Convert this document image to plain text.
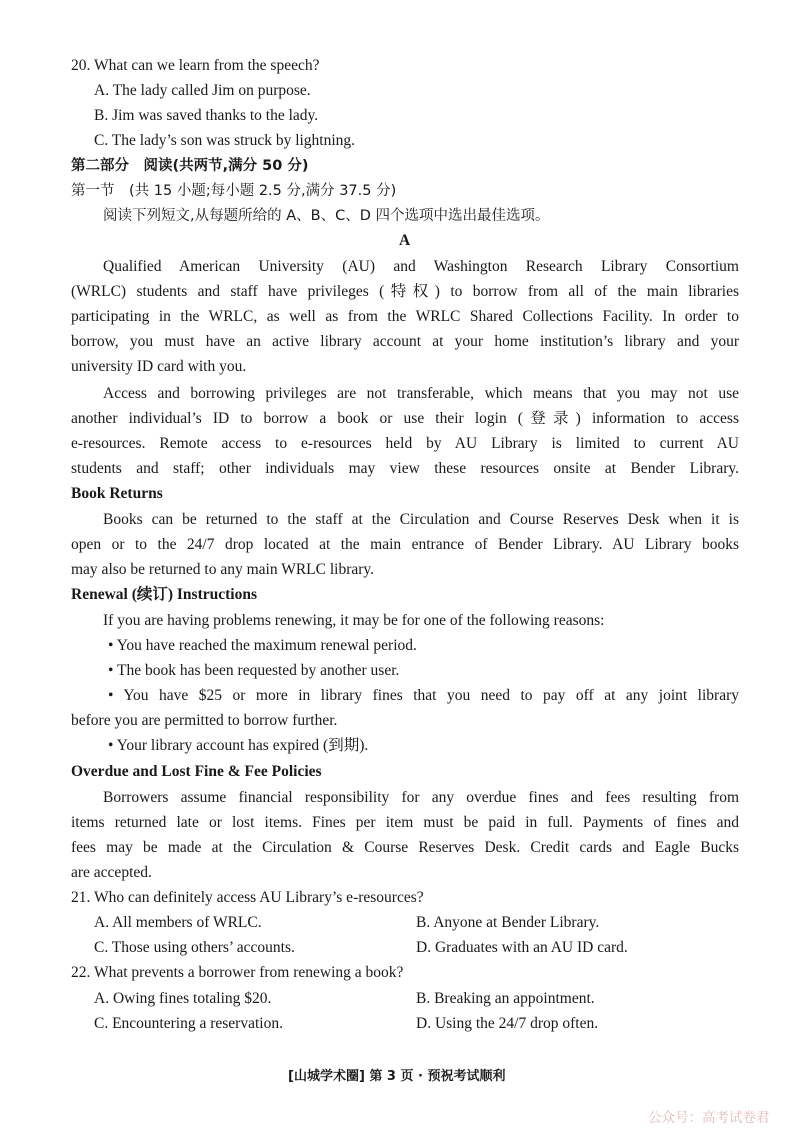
20. What can we learn from the speech?
A. The lady called Jim on purpose.
B. Jim was saved thanks to the lady.
C. The lady’s son was struck by lightning.
第二部分　阅读(共两节,满分 50 分)
第一节　(共 15 小题;每小题 2.5 分,满分 37.5 分)
阅读下列短文,从每题所给的 A、B、C、D 四个选项中选出最佳选项。
A
Qualified American University (AU) and Washington Research Library Consortium
(WRLC) students and staff have privileges (特权) to borrow from all of the main libraries
participating in the WRLC, as well as from the WRLC Shared Collections Facility. In order to
borrow, you must have an active library account at your home institution’s library and your
university ID card with you.
Access and borrowing privileges are not transferable, which means that you may not use
another individual’s ID to borrow a book or use their login (登录) information to access
e-resources. Remote access to e-resources held by AU Library is limited to current AU
students and staff; other individuals may view these resources onsite at Bender Library.
Book Returns
Books can be returned to the staff at the Circulation and Course Reserves Desk when it is
open or to the 24/7 drop located at the main entrance of Bender Library. AU Library books
may also be returned to any main WRLC library.
Renewal (续订) Instructions
If you are having problems renewing, it may be for one of the following reasons:
• You have reached the maximum renewal period.
• The book has been requested by another user.
• You have $25 or more in library fines that you need to pay off at any joint library
before you are permitted to borrow further.
• Your library account has expired (到期).
Overdue and Lost Fine & Fee Policies
Borrowers assume financial responsibility for any overdue fines and fees resulting from
items returned late or lost items. Fines per item must be paid in full. Payments of fines and
fees may be made at the Circulation & Course Reserves Desk. Credit cards and Eagle Bucks
are accepted.
21. Who can definitely access AU Library’s e-resources?
A. All members of WRLC.	B. Anyone at Bender Library.
C. Those using others’ accounts.	D. Graduates with an AU ID card.
22. What prevents a borrower from renewing a book?
A. Owing fines totaling $20.	B. Breaking an appointment.
C. Encountering a reservation.	D. Using the 24/7 drop often.
[山城学术圈] 第 3 页 · 预祝考试顺利
公众号：高考试卷君
